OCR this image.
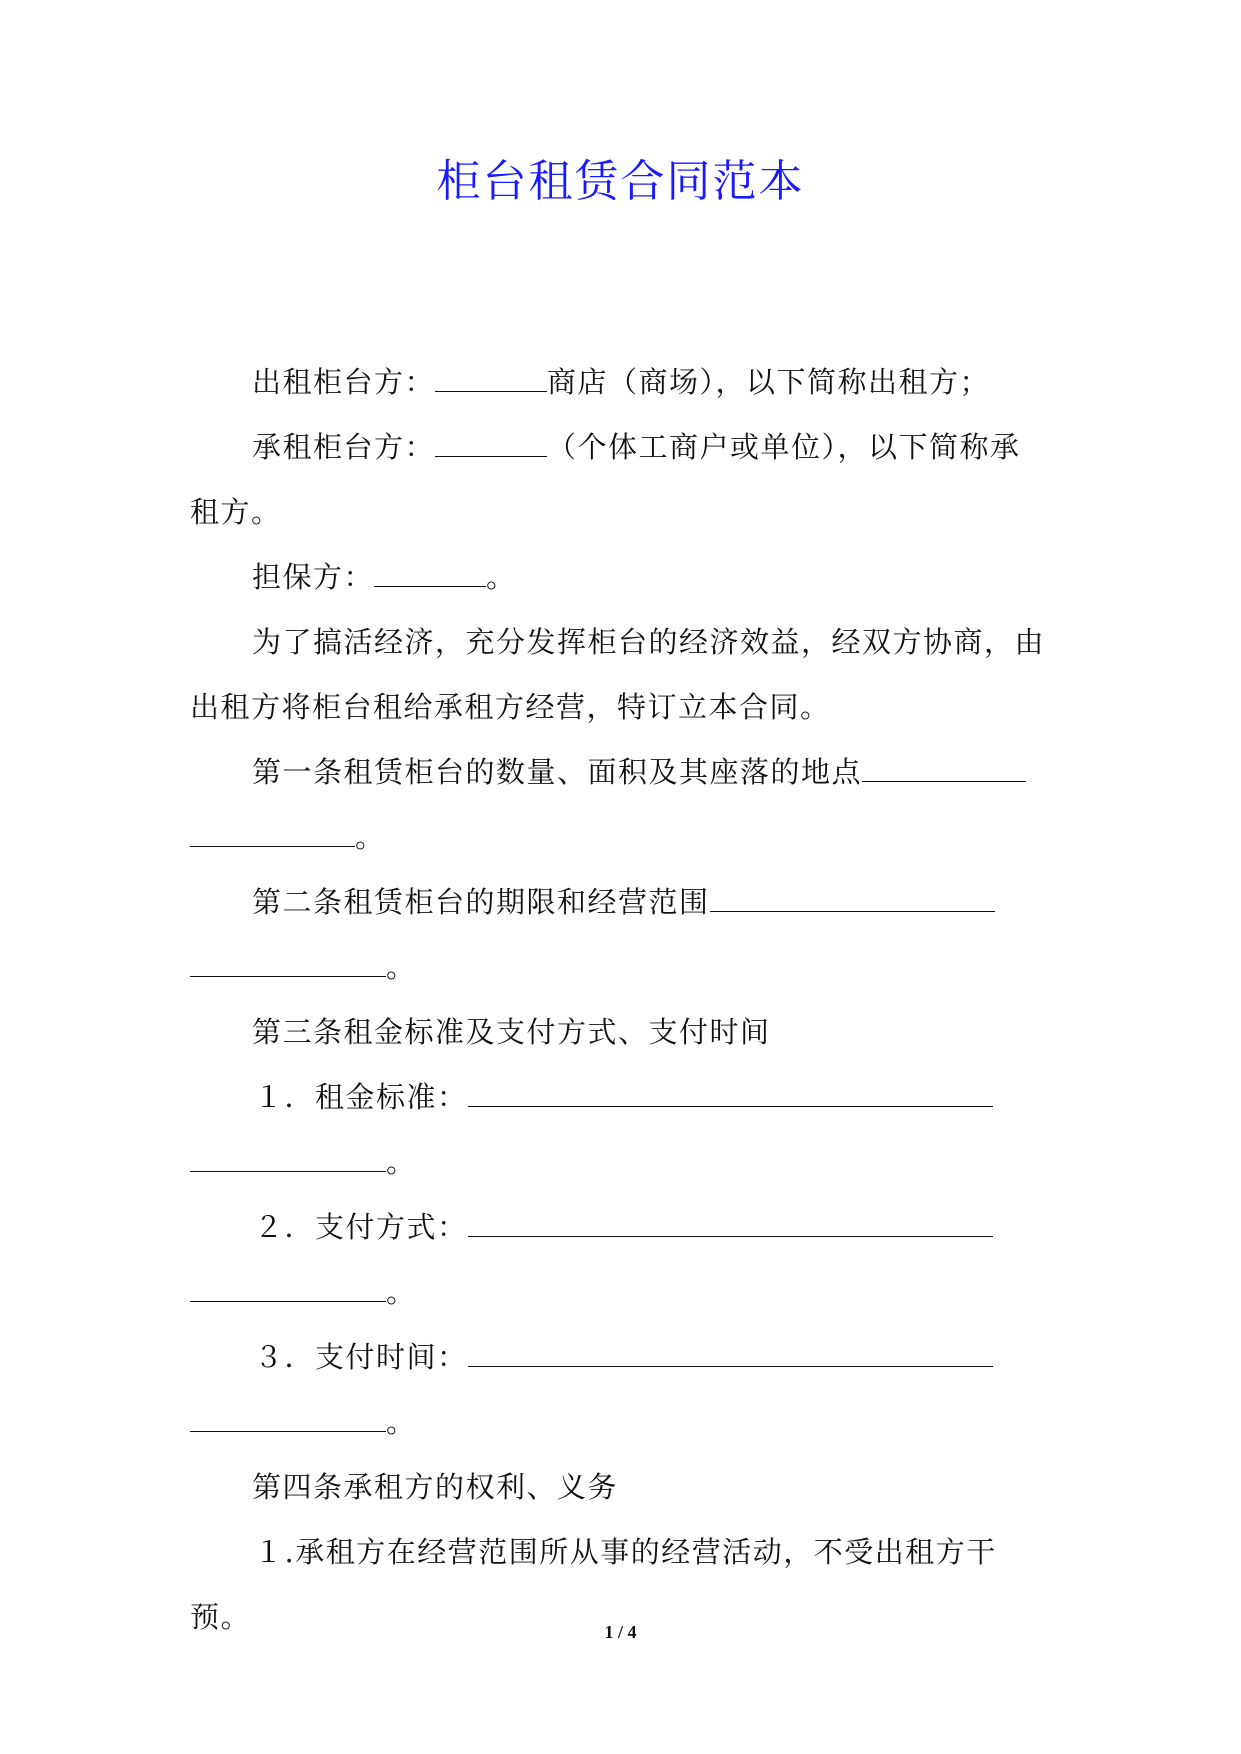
柜台租赁合同范本

出租柜台方：	商店（商场），以下简称出租方；

承租柜台方：	（个体工商户或单位），以下简称承

租方。

担保方：	。

为了搞活经济，充分发挥柜台的经济效益，经双方协商，由

出租方将柜台租给承租方经营，特订立本合同。

第一条租赁柜台的数量、面积及其座落的地点

。

第二条租赁柜台的期限和经营范围

。

第三条租金标准及支付方式、支付时间

１．租金标准：

。

２．支付方式：

。

３．支付时间：

。

第四条承租方的权利、义务

１.承租方在经营范围所从事的经营活动，不受出租方干预。	1 / 4
